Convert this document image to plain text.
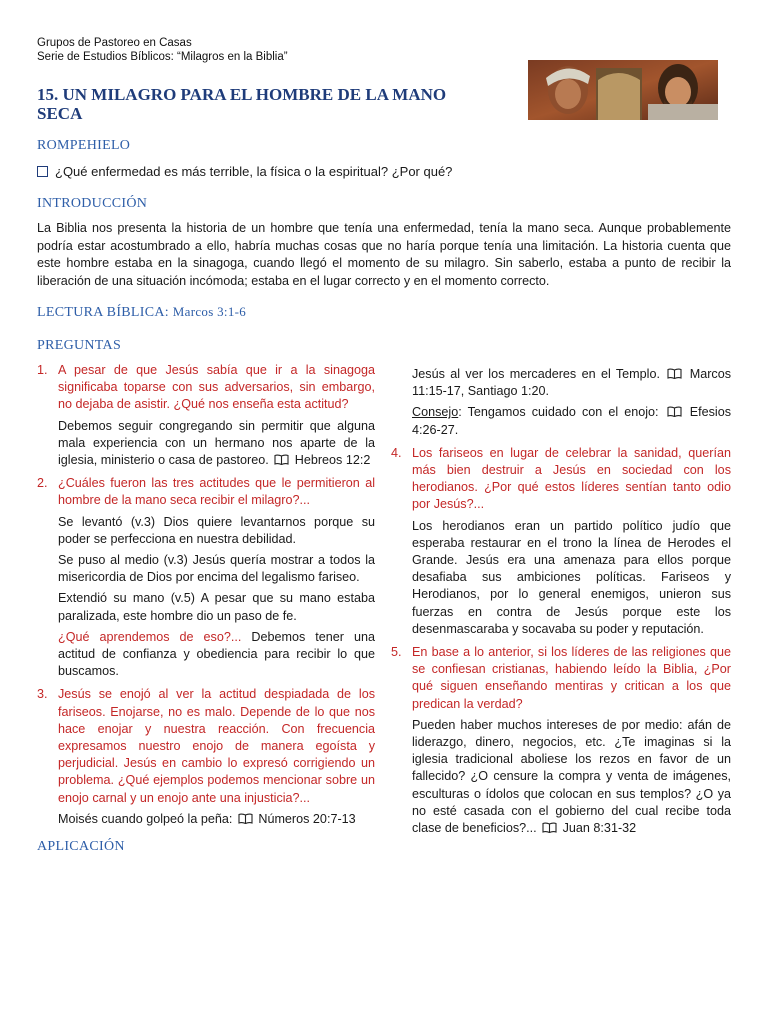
Grupos de Pastoreo en Casas
Serie de Estudios Bíblicos: “Milagros en la Biblia”
15. UN MILAGRO PARA EL HOMBRE DE LA MANO SECA
ROMPEHIELO
¿Qué enfermedad es más terrible, la física o la espiritual? ¿Por qué?
INTRODUCCIÓN

La Biblia nos presenta la historia de un hombre que tenía una enfermedad, tenía la mano seca. Aunque probablemente podría estar acostumbrado a ello, habría muchas cosas que no haría porque tenía una limitación. La historia cuenta que este hombre estaba en la sinagoga, cuando llegó el momento de su milagro. Sin saberlo, estaba a punto de recibir la liberación de una situación incómoda; estaba en el lugar correcto y en el momento correcto.

LECTURA BÍBLICA: Marcos 3:1-6
PREGUNTAS
1. A pesar de que Jesús sabía que ir a la sinagoga significaba toparse con sus adversarios, sin embargo, no dejaba de asistir. ¿Qué nos enseña esta actitud?

Debemos seguir congregando sin permitir que alguna mala experiencia con un hermano nos aparte de la iglesia, ministerio o casa de pastoreo. Hebreos 12:2

2. ¿Cuáles fueron las tres actitudes que le permitieron al hombre de la mano seca recibir el milagro?...

Se levantó (v.3) Dios quiere levantarnos porque su poder se perfecciona en nuestra debilidad.

Se puso al medio (v.3) Jesús quería mostrar a todos la misericordia de Dios por encima del legalismo fariseo.

Extendió su mano (v.5) A pesar que su mano estaba paralizada, este hombre dio un paso de fe.

¿Qué aprendemos de eso?... Debemos tener una actitud de confianza y obediencia para recibir lo que buscamos.

3. Jesús se enojó al ver la actitud despiadada de los fariseos. Enojarse, no es malo. Depende de lo que nos hace enojar y nuestra reacción. Con frecuencia expresamos nuestro enojo de manera egoísta y perjudicial. Jesús en cambio lo expresó corrigiendo un problema. ¿Qué ejemplos podemos mencionar sobre un enojo carnal y un enojo ante una injusticia?...

Moisés cuando golpeó la peña: Números 20:7-13

Jesús al ver los mercaderes en el Templo. Marcos 11:15-17, Santiago 1:20.

Consejo: Tengamos cuidado con el enojo: Efesios 4:26-27.

4. Los fariseos en lugar de celebrar la sanidad, querían más bien destruir a Jesús en sociedad con los herodianos. ¿Por qué estos líderes sentían tanto odio por Jesús?...

Los herodianos eran un partido político judío que esperaba restaurar en el trono la línea de Herodes el Grande. Jesús era una amenaza para ellos porque desafiaba sus ambiciones políticas. Fariseos y Herodianos, por lo general enemigos, unieron sus fuerzas en contra de Jesús porque este los desenmascaraba y socavaba su poder y reputación.

5. En base a lo anterior, si los líderes de las religiones que se confiesan cristianas, habiendo leído la Biblia, ¿Por qué siguen enseñando mentiras y critican a los que predican la verdad?

Pueden haber muchos intereses de por medio: afán de liderazgo, dinero, negocios, etc. ¿Te imaginas si la iglesia tradicional aboliese los rezos en favor de un fallecido? ¿O censure la compra y venta de imágenes, esculturas o ídolos que colocan en sus templos? ¿O ya no esté casada con el gobierno del cual recibe toda clase de beneficios?... Juan 8:31-32

APLICACIÓN
